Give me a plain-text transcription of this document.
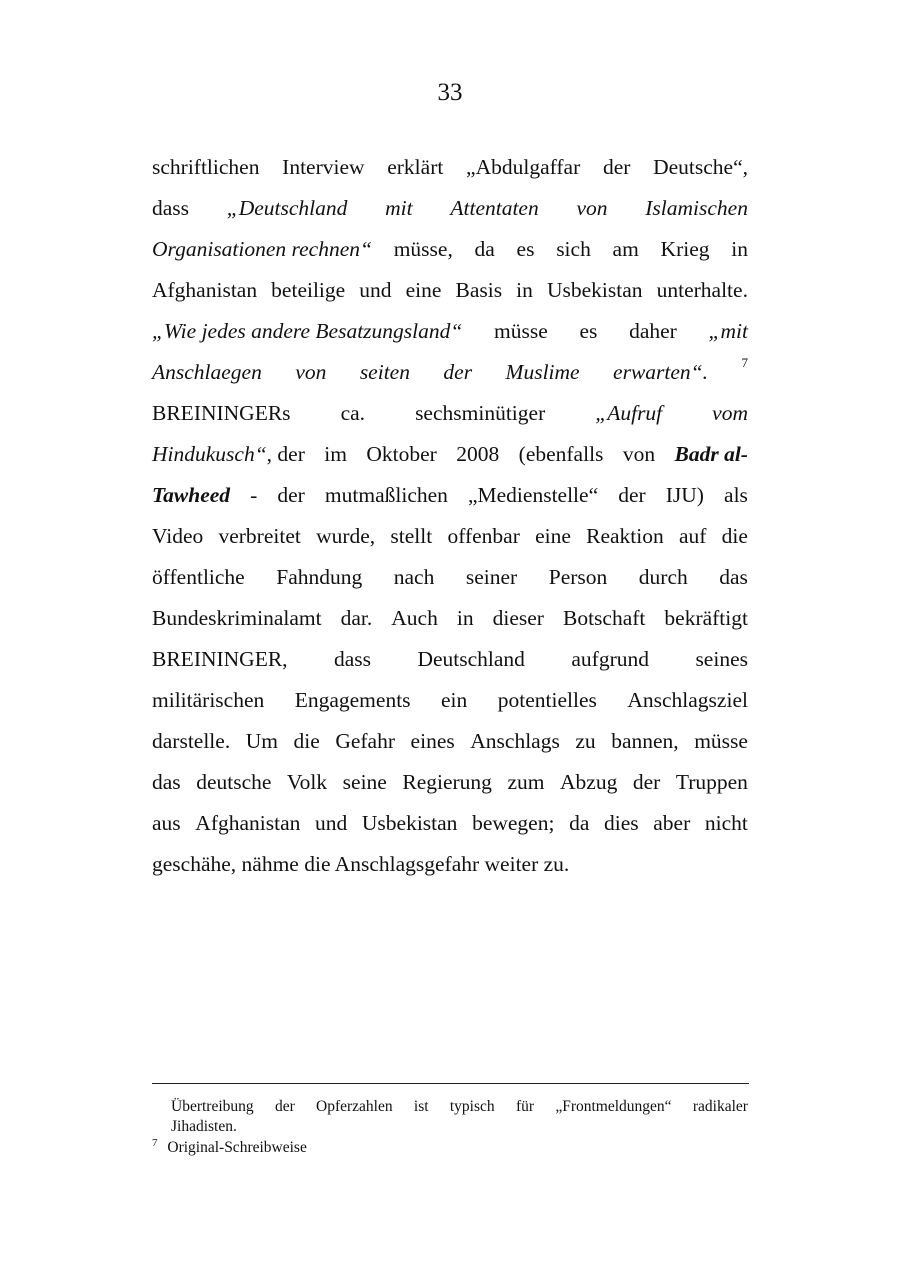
33
schriftlichen Interview erklärt „Abdulgaffar der Deutsche“,
dass „Deutschland mit Attentaten von Islamischen
Organisationen rechnen“ müsse, da es sich am Krieg in
Afghanistan beteilige und eine Basis in Usbekistan unterhalte.
„Wie jedes andere Besatzungsland“ müsse es daher „mit
Anschlaegen von seiten der Muslime erwarten“.	7
BREININGERs ca. sechsminütiger „Aufruf vom
Hindukusch“, der im Oktober 2008 (ebenfalls von Badr al-
Tawheed - der mutmaßlichen „Medienstelle“ der IJU) als
Video verbreitet wurde, stellt offenbar eine Reaktion auf die
öffentliche Fahndung nach seiner Person durch das
Bundeskriminalamt dar. Auch in dieser Botschaft bekräftigt
BREININGER, dass Deutschland aufgrund seines
militärischen Engagements ein potentielles Anschlagsziel
darstelle. Um die Gefahr eines Anschlags zu bannen, müsse
das deutsche Volk seine Regierung zum Abzug der Truppen
aus Afghanistan und Usbekistan bewegen; da dies aber nicht
geschähe, nähme die Anschlagsgefahr weiter zu.
Übertreibung der Opferzahlen ist typisch für „Frontmeldungen“ radikaler
Jihadisten.
$^7$ Original-Schreibweise
